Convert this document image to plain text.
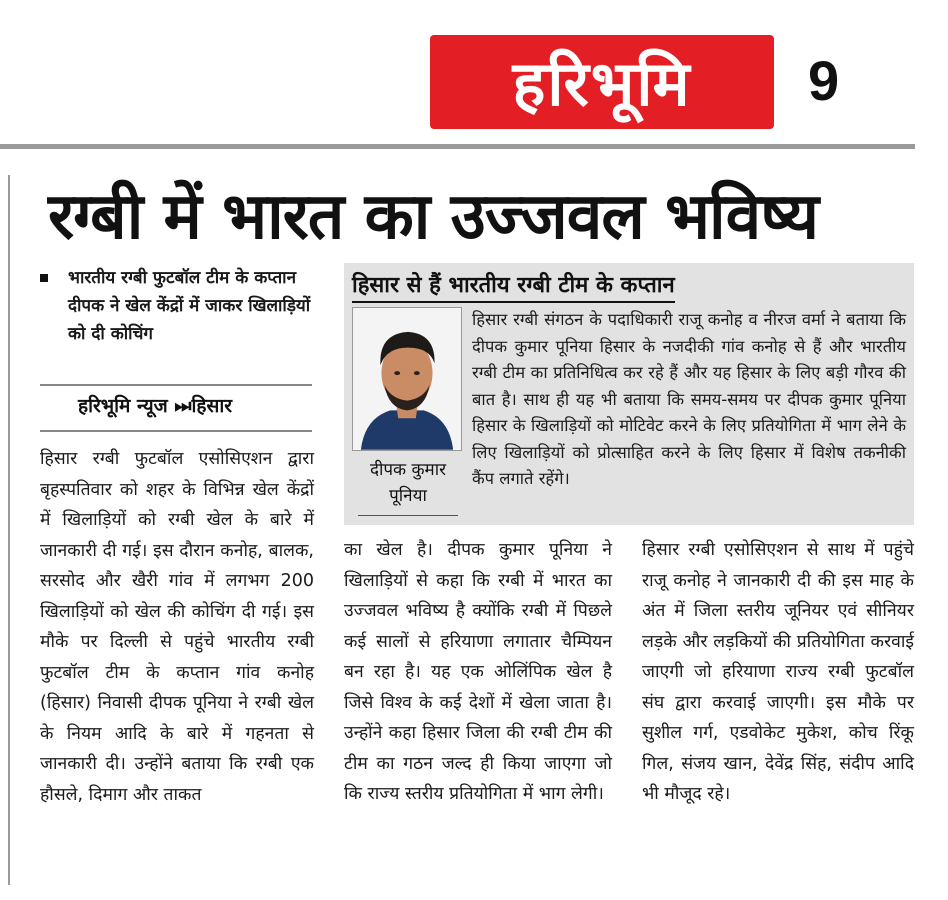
हरिभूमि 9
रग्बी में भारत का उज्जवल भविष्य

भारतीय रग्बी फुटबॉल टीम के कप्तान दीपक ने खेल केंद्रों में जाकर खिलाड़ियों को दी कोचिंग

हरिभूमि न्यूज ⏭हिसार
हिसार रग्बी फुटबॉल एसोसिएशन द्वारा बृहस्पतिवार को शहर के विभिन्न खेल केंद्रों में खिलाड़ियों को रग्बी खेल के बारे में जानकारी दी गई। इस दौरान कनोह, बालक, सरसोद और खैरी गांव में लगभग 200 खिलाड़ियों को खेल की कोचिंग दी गई। इस मौके पर दिल्ली से पहुंचे भारतीय रग्बी फुटबॉल टीम के कप्तान गांव कनोह (हिसार) निवासी दीपक पूनिया ने रग्बी खेल के नियम आदि के बारे में गहनता से जानकारी दी। उन्होंने बताया कि रग्बी एक हौसले, दिमाग और ताकत
का खेल है। दीपक कुमार पूनिया ने खिलाड़ियों से कहा कि रग्बी में भारत का उज्जवल भविष्य है क्योंकि रग्बी में पिछले कई सालों से हरियाणा लगातार चैम्पियन बन रहा है। यह एक ओलिंपिक खेल है जिसे विश्व के कई देशों में खेला जाता है। उन्होंने कहा हिसार जिला की रग्बी टीम की टीम का गठन जल्द ही किया जाएगा जो कि राज्य स्तरीय प्रतियोगिता में भाग लेगी।
हिसार रग्बी एसोसिएशन से साथ में पहुंचे राजू कनोह ने जानकारी दी की इस माह के अंत में जिला स्तरीय जूनियर एवं सीनियर लड़के और लड़कियों की प्रतियोगिता करवाई जाएगी जो हरियाणा राज्य रग्बी फुटबॉल संघ द्वारा करवाई जाएगी। इस मौके पर सुशील गर्ग, एडवोकेट मुकेश, कोच रिंकू गिल, संजय खान, देवेंद्र सिंह, संदीप आदि भी मौजूद रहे।
हिसार से हैं भारतीय रग्बी टीम के कप्तान
दीपक कुमार पूनिया
हिसार रग्बी संगठन के पदाधिकारी राजू कनोह व नीरज वर्मा ने बताया कि दीपक कुमार पूनिया हिसार के नजदीकी गांव कनोह से हैं और भारतीय रग्बी टीम का प्रतिनिधित्व कर रहे हैं और यह हिसार के लिए बड़ी गौरव की बात है। साथ ही यह भी बताया कि समय-समय पर दीपक कुमार पूनिया हिसार के खिलाड़ियों को मोटिवेट करने के लिए प्रतियोगिता में भाग लेने के लिए खिलाड़ियों को प्रोत्साहित करने के लिए हिसार में विशेष तकनीकी कैंप लगाते रहेंगे।
